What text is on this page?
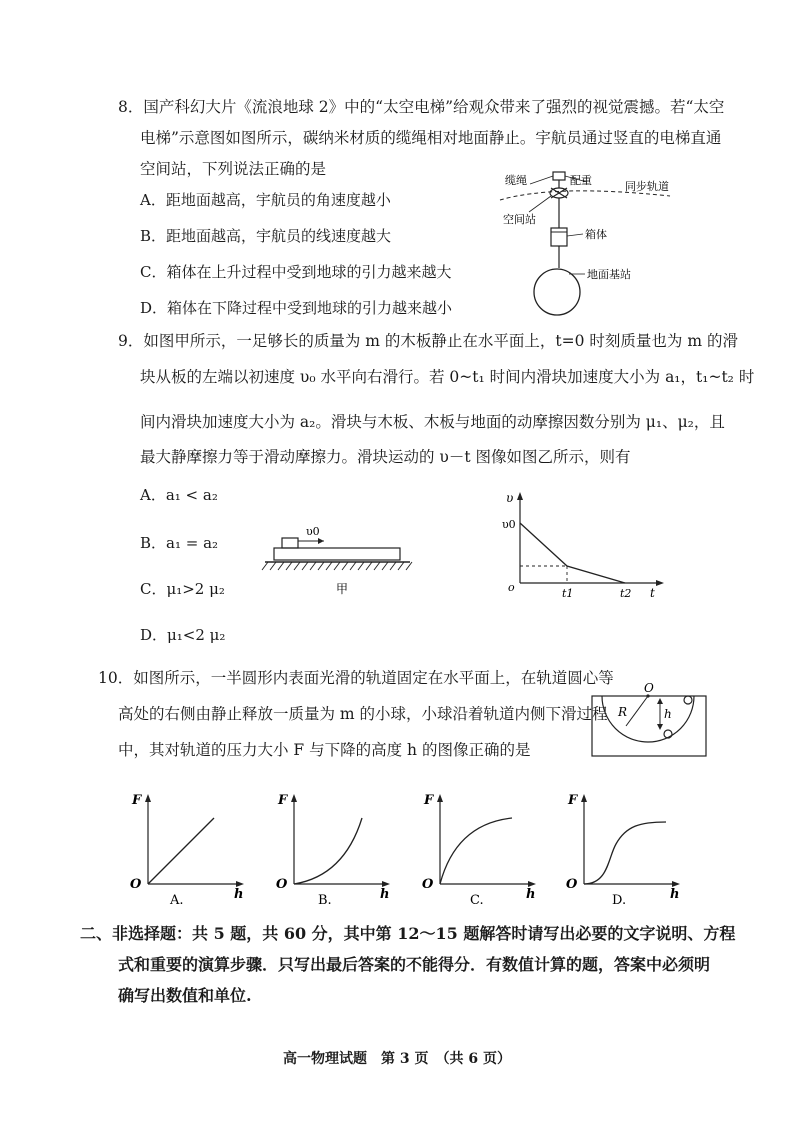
8．国产科幻大片《流浪地球 2》中的“太空电梯”给观众带来了强烈的视觉震撼。若“太空
电梯”示意图如图所示，碳纳米材质的缆绳相对地面静止。宇航员通过竖直的电梯直通
空间站，下列说法正确的是
A．距地面越高，宇航员的角速度越小
B．距地面越高，宇航员的线速度越大
C．箱体在上升过程中受到地球的引力越来越大
D．箱体在下降过程中受到地球的引力越来越小
缆绳	配重	同步轨道
空间站
箱体
地面基站
9．如图甲所示，一足够长的质量为 m 的木板静止在水平面上，t=0 时刻质量也为 m 的滑
块从板的左端以初速度 υ₀ 水平向右滑行。若 0~t₁ 时间内滑块加速度大小为 a₁，t₁~t₂ 时
间内滑块加速度大小为 a₂。滑块与木板、木板与地面的动摩擦因数分别为 μ₁、μ₂，且
最大静摩擦力等于滑动摩擦力。滑块运动的 υ－t 图像如图乙所示，则有
A．a₁ < a₂
B．a₁ = a₂
C．μ₁>2 μ₂
D．μ₁<2 μ₂
υ0
甲
υ
υ0
o	t1	t2 t
10．如图所示，一半圆形内表面光滑的轨道固定在水平面上，在轨道圆心等
高处的右侧由静止释放一质量为 m 的小球，小球沿着轨道内侧下滑过程
中，其对轨道的压力大小 F 与下降的高度 h 的图像正确的是
O
R	h
F
O
h
A.
F
O
h
B.
F
O
h
C.
F
O
h
D.
二、非选择题：共 5 题，共 60 分，其中第 12～15 题解答时请写出必要的文字说明、方程
式和重要的演算步骤．只写出最后答案的不能得分．有数值计算的题，答案中必须明
确写出数值和单位.
高一物理试题　第 3 页　（共 6 页）
